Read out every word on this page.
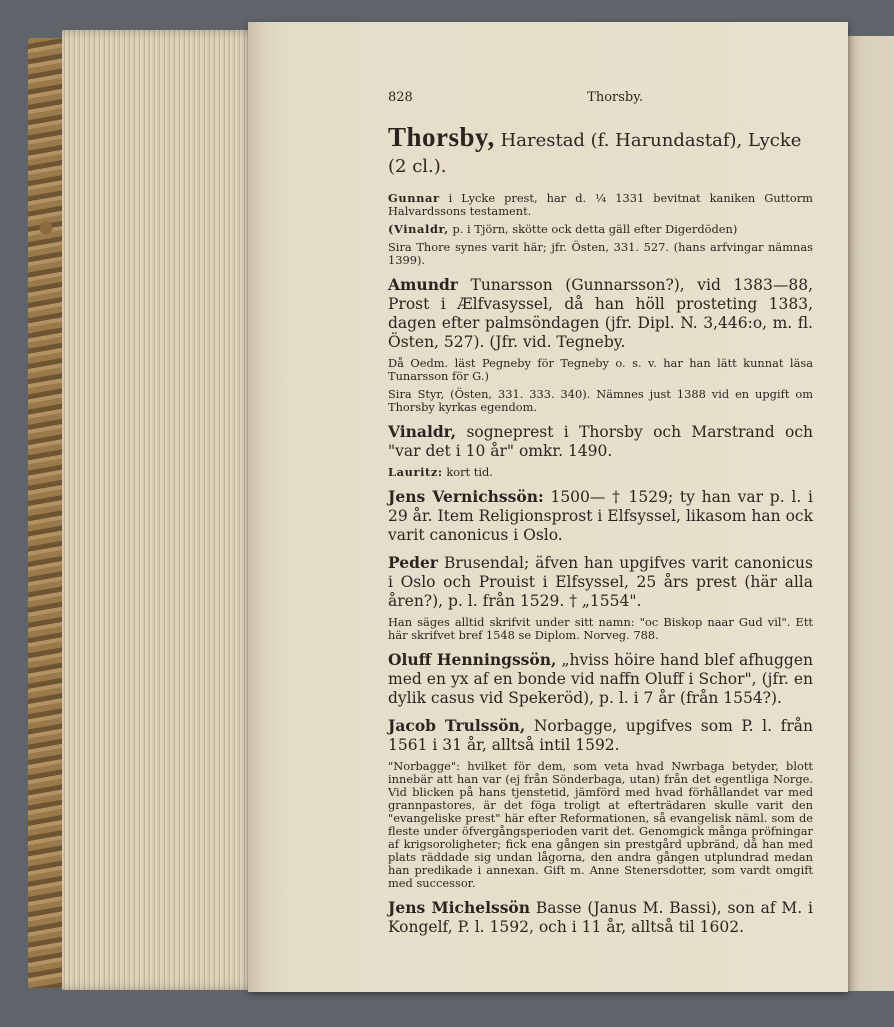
828	Thorsby.
Thorsby, Harestad (f. Harundastaf), Lycke (2 cl.).

Gunnar i Lycke prest, har d. ¹⁄₄ 1331 bevitnat kaniken Guttorm Halvardssons testament.

(Vinaldr, p. i Tjörn, skötte ock detta gäll efter Digerdöden)

Sira Thore synes varit här; jfr. Östen, 331. 527. (hans arfvingar nämnas 1399).

Amundr Tunarsson (Gunnarsson?), vid 1383—88, Prost i Ælfvasyssel, då han höll prosteting 1383, dagen efter palmsöndagen (jfr. Dipl. N. 3,446:o, m. fl. Östen, 527). (Jfr. vid. Tegneby.

Då Oedm. läst Pegneby för Tegneby o. s. v. har han lätt kunnat läsa Tunarsson för G.)

Sira Styr, (Östen, 331. 333. 340). Nämnes just 1388 vid en upgift om Thorsby kyrkas egendom.

Vinaldr, sogneprest i Thorsby och Marstrand och "var det i 10 år" omkr. 1490.

Lauritz: kort tid.

Jens Vernichssön: 1500— † 1529; ty han var p. l. i 29 år. Item Religionsprost i Elfsyssel, likasom han ock varit canonicus i Oslo.

Peder Brusendal; äfven han upgifves varit canonicus i Oslo och Prouist i Elfsyssel, 25 års prest (här alla åren?), p. l. från 1529. † „1554".

Han säges alltid skrifvit under sitt namn: "oc Biskop naar Gud vil". Ett här skrifvet bref 1548 se Diplom. Norveg. 788.

Oluff Henningssön, „hviss höire hand blef afhuggen med en yx af en bonde vid naffn Oluff i Schor", (jfr. en dylik casus vid Spekeröd), p. l. i 7 år (från 1554?).

Jacob Trulssön, Norbagge, upgifves som P. l. från 1561 i 31 år, alltså intil 1592.

"Norbagge": hvilket för dem, som veta hvad Nwrbaga betyder, blott innebär att han var (ej från Sönderbaga, utan) från det egentliga Norge. Vid blicken på hans tjenstetid, jämförd med hvad förhållandet var med grannpastores, är det föga troligt at efterträdaren skulle varit den "evangeliske prest" här efter Reformationen, så evangelisk näml. som de fleste under öfvergångsperioden varit det. Genomgick många pröfningar af krigsoroligheter; fick ena gången sin prestgård upbränd, då han med plats räddade sig undan lågorna, den andra gången utplundrad medan han predikade i annexan. Gift m. Anne Stenersdotter, som vardt omgift med successor.

Jens Michelssön Basse (Janus M. Bassi), son af M. i Kongelf, P. l. 1592, och i 11 år, alltså til 1602.
